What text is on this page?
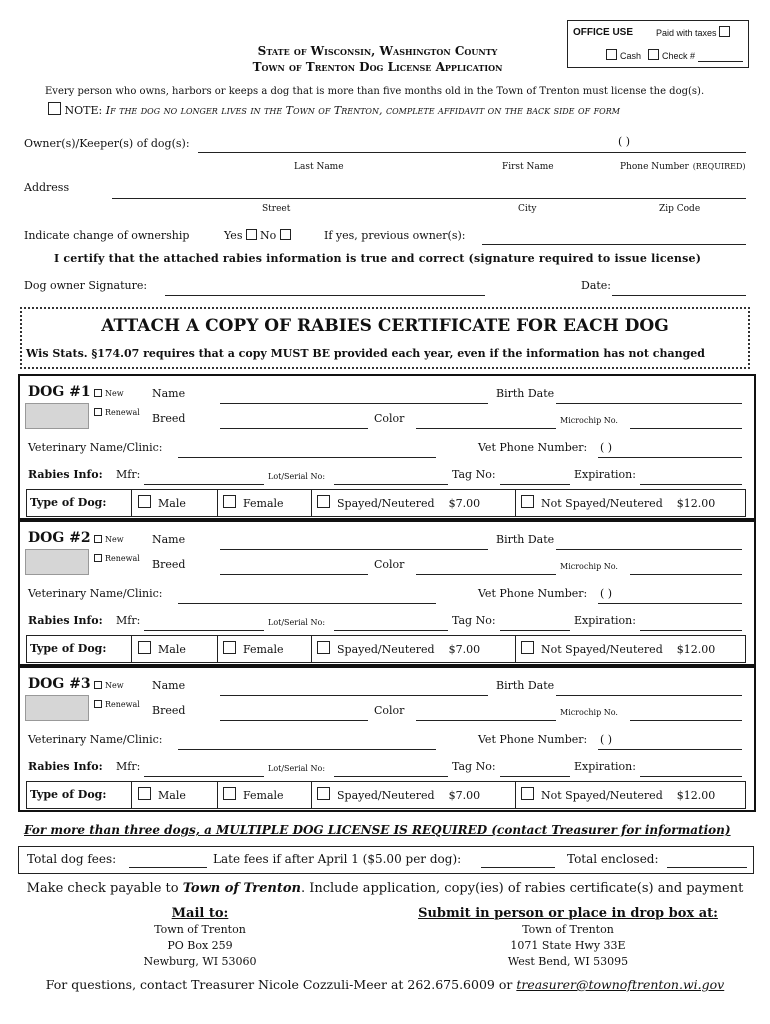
OFFICE USE	Paid with taxes
Cash	Check #
State of Wisconsin, Washington County
Town of Trenton Dog License Application
Every person who owns, harbors or keeps a dog that is more than five months old in the Town of Trenton must license the dog(s).
NOTE: If the dog no longer lives in the Town of Trenton, complete affidavit on the back side of form
Owner(s)/Keeper(s) of dog(s):	( )
Last Name	First Name	Phone Number (REQUIRED)
Address
Street	City	Zip Code
Indicate change of ownership	Yes No	If yes, previous owner(s):
I certify that the attached rabies information is true and correct (signature required to issue license)
Dog owner Signature:	Date:
ATTACH A COPY OF RABIES CERTIFICATE FOR EACH DOG
Wis Stats. §174.07 requires that a copy MUST BE provided each year, even if the information has not changed
DOG #1	New
Renewal
Name	Birth Date
Breed	Color	Microchip No.
Veterinary Name/Clinic:	Vet Phone Number: ( )
Rabies Info: Mfr:	Lot/Serial No:	Tag No:	Expiration:
Type of Dog:	Male	Female	Spayed/Neutered $7.00	Not Spayed/Neutered $12.00
DOG #2	New
Renewal
Name	Birth Date
Breed	Color	Microchip No.
Veterinary Name/Clinic:	Vet Phone Number: ( )
Rabies Info: Mfr:	Lot/Serial No:	Tag No:	Expiration:
Type of Dog:	Male	Female	Spayed/Neutered $7.00	Not Spayed/Neutered $12.00
DOG #3	New
Renewal
Name	Birth Date
Breed	Color	Microchip No.
Veterinary Name/Clinic:	Vet Phone Number: ( )
Rabies Info: Mfr:	Lot/Serial No:	Tag No:	Expiration:
Type of Dog:	Male	Female	Spayed/Neutered $7.00	Not Spayed/Neutered $12.00
For more than three dogs, a MULTIPLE DOG LICENSE IS REQUIRED (contact Treasurer for information)
Total dog fees:	Late fees if after April 1 ($5.00 per dog):	Total enclosed:
Make check payable to Town of Trenton. Include application, copy(ies) of rabies certificate(s) and payment
Mail to:
Town of Trenton
PO Box 259
Newburg, WI 53060
Submit in person or place in drop box at:
Town of Trenton
1071 State Hwy 33E
West Bend, WI 53095
For questions, contact Treasurer Nicole Cozzuli-Meer at 262.675.6009 or treasurer@townoftrenton.wi.gov
